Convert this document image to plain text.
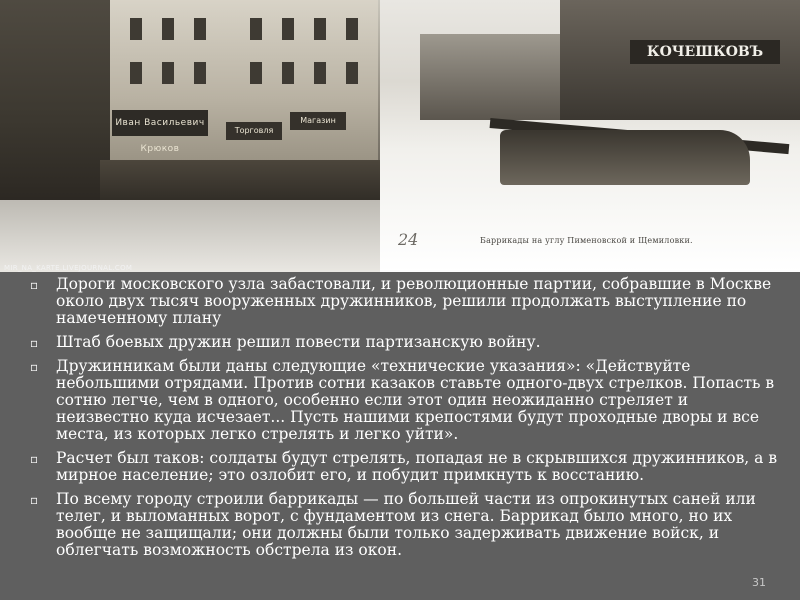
Иван Васильевич Крюков
Торговля
Магазин
MIR_NA_KARTE.LIVEJOURNAL.COM
КОЧЕШКОВЪ
24	Баррикады на углу Пименовской и Щемиловки.
▫ Дороги московского узла забастовали, и революционные партии, собравшие в Москве около двух тысяч вооруженных дружинников, решили продолжать выступление по намеченному плану
▫ Штаб боевых дружин решил повести партизанскую войну.
▫ Дружинникам были даны следующие «технические указания»: «Действуйте небольшими отрядами. Против сотни казаков ставьте одного-двух стрелков. Попасть в сотню легче, чем в одного, особенно если этот один неожиданно стреляет и неизвестно куда исчезает... Пусть нашими крепостями будут проходные дворы и все места, из которых легко стрелять и легко уйти».
▫ Расчет был таков: солдаты будут стрелять, попадая не в скрывшихся дружинников, а в мирное население; это озлобит его, и побудит примкнуть к восстанию.
▫ По всему городу строили баррикады — по большей части из опрокинутых саней или телег, и выломанных ворот, с фундаментом из снега. Баррикад было много, но их вообще не защищали; они должны были только задерживать движение войск, и облегчать возможность обстрела из окон.
31
